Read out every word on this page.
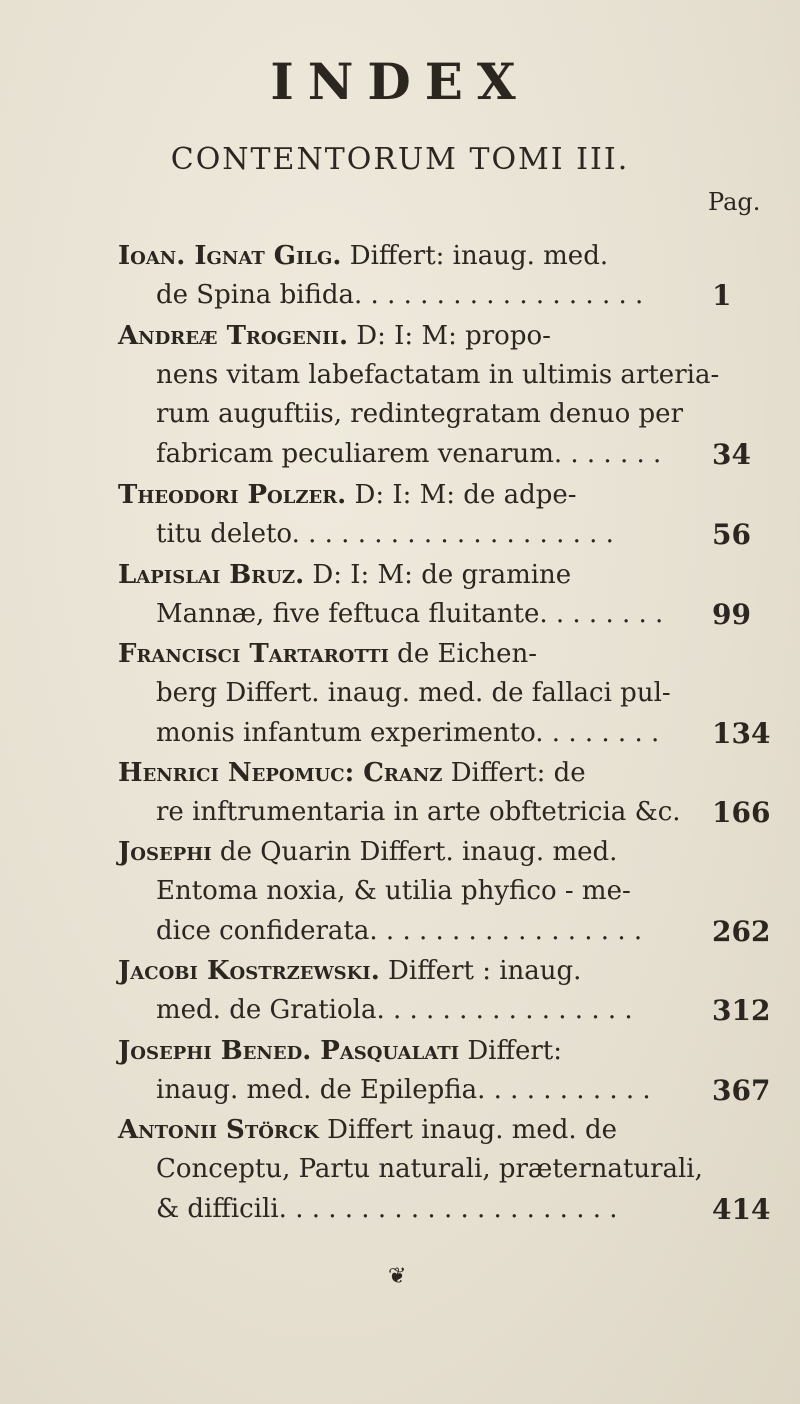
INDEX
CONTENTORUM TOMI III.
Pag.
Ioan. Ignat Gilg. Differt: inaug. med.
de Spina bifida. . . . . . . . . . . . . . . . . . 1
Andreæ Trogenii. D: I: M: propo-
nens vitam labefactatam in ultimis arteria-
rum auguftiis, redintegratam denuo per
fabricam peculiarem venarum. . . . . . . 34
Theodori Polzer. D: I: M: de adpe-
titu deleto. . . . . . . . . . . . . . . . . . . .	56
Lapislai Bruz. D: I: M: de gramine
Mannæ, five feftuca fluitante. . . . . . . . 99
Francisci Tartarotti de Eichen-
berg Differt. inaug. med. de fallaci pul-
monis infantum experimento. . . . . . . . 134
Henrici Nepomuc: Cranz Differt: de
re inftrumentaria in arte obftetricia &c. 166
Josephi de Quarin Differt. inaug. med.
Entoma noxia, & utilia phyfico - me-
dice confiderata. . . . . . . . . . . . . . . . . 262
Jacobi Kostrzewski. Differt : inaug.
med. de Gratiola. . . . . . . . . . . . . . . .	312
Josephi Bened. Pasqualati Differt:
inaug. med. de Epilepfia. . . . . . . . . . . 367
Antonii Störck Differt inaug. med. de
Conceptu, Partu naturali, præternaturali,
& difficili. . . . . . . . . . . . . . . . . . . . .	414
❦
